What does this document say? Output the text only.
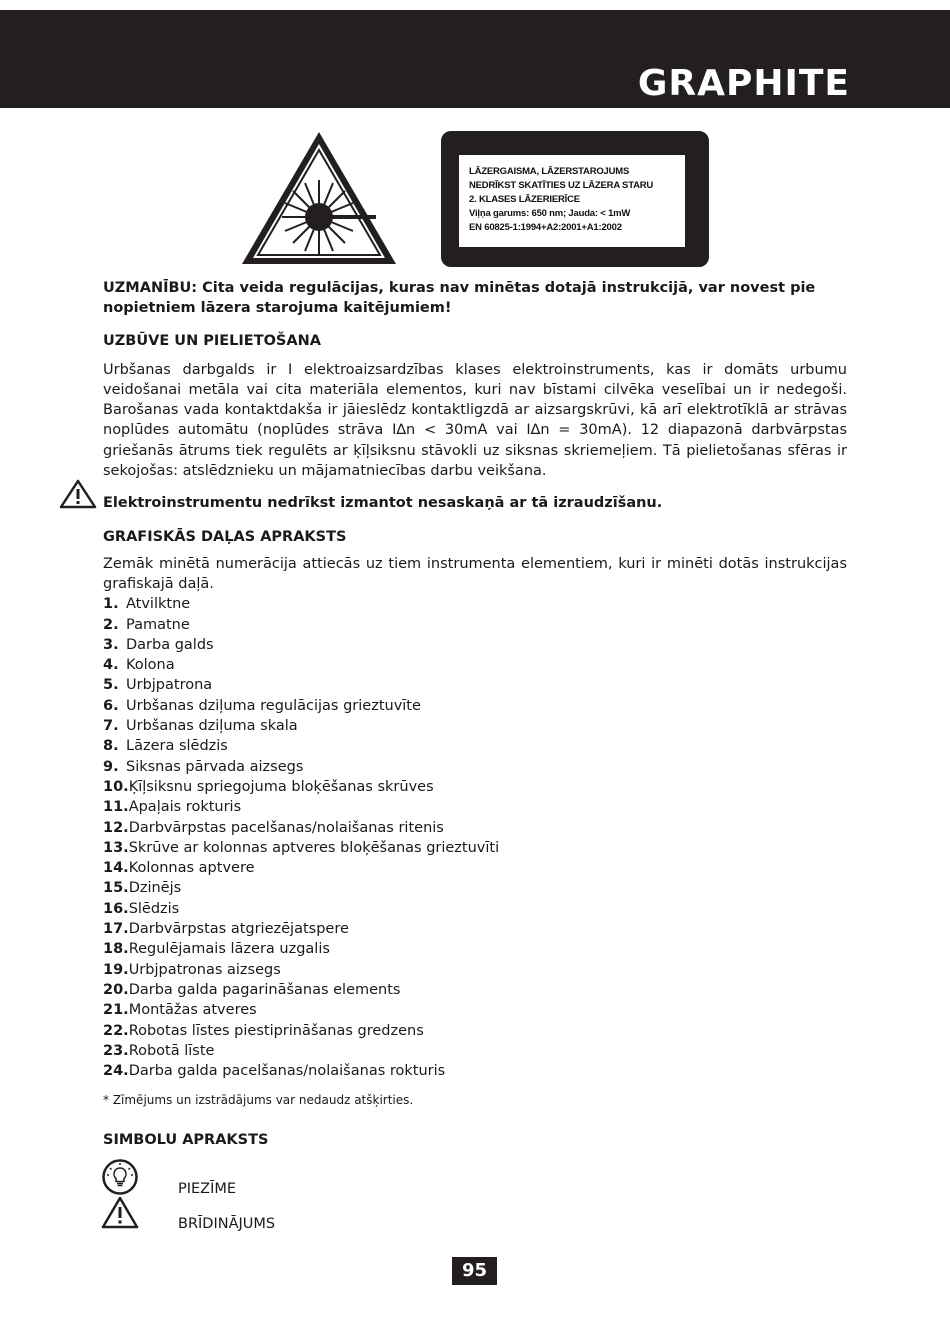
GRAPHITE
LĀZERGAISMA, LĀZERSTAROJUMS
NEDRĪKST SKATĪTIES UZ LĀZERA STARU
2. KLASES LĀZERIERĪCE
Viļņa garums: 650 nm; Jauda: < 1mW
EN 60825-1:1994+A2:2001+A1:2002

UZMANĪBU: Cita veida regulācijas, kuras nav minētas dotajā instrukcijā, var novest pie nopietniem lāzera starojuma kaitējumiem!

UZBŪVE UN PIELIETOŠANA

Urbšanas darbgalds ir I elektroaizsardzības klases elektroinstruments, kas ir domāts urbumu veidošanai metāla vai cita materiāla elementos, kuri nav bīstami cilvēka veselībai un ir nedegoši. Barošanas vada kontaktdakša ir jāieslēdz kontaktligzdā ar aizsargskrūvi, kā arī elektrotīklā ar strāvas noplūdes automātu (noplūdes strāva I∆n < 30mA vai I∆n = 30mA). 12 diapazonā darbvārpstas griešanās ātrums tiek regulēts ar ķīļsiksnu stāvokli uz siksnas skriemeļiem. Tā pielietošanas sfēras ir sekojošas: atslēdznieku un mājamatniecības darbu veikšana.

Elektroinstrumentu nedrīkst izmantot nesaskaņā ar tā izraudzīšanu.

GRAFISKĀS DAĻAS APRAKSTS

Zemāk minētā numerācija attiecās uz tiem instrumenta elementiem, kuri ir minēti dotās instrukcijas grafiskajā daļā.

1. Atvilktne
2. Pamatne
3. Darba galds
4. Kolona
5. Urbjpatrona
6. Urbšanas dziļuma regulācijas grieztuvīte
7. Urbšanas dziļuma skala
8. Lāzera slēdzis
9. Siksnas pārvada aizsegs
10. Ķīļsiksnu spriegojuma bloķēšanas skrūves
11. Apaļais rokturis
12. Darbvārpstas pacelšanas/nolaišanas ritenis
13. Skrūve ar kolonnas aptveres bloķēšanas grieztuvīti
14. Kolonnas aptvere
15. Dzinējs
16. Slēdzis
17. Darbvārpstas atgriezējatspere
18. Regulējamais lāzera uzgalis
19. Urbjpatronas aizsegs
20. Darba galda pagarināšanas elements
21. Montāžas atveres
22. Robotas līstes piestiprināšanas gredzens
23. Robotā līste
24. Darba galda pacelšanas/nolaišanas rokturis

* Zīmējums un izstrādājums var nedaudz atšķirties.

SIMBOLU APRAKSTS

PIEZĪME
BRĪDINĀJUMS
95
